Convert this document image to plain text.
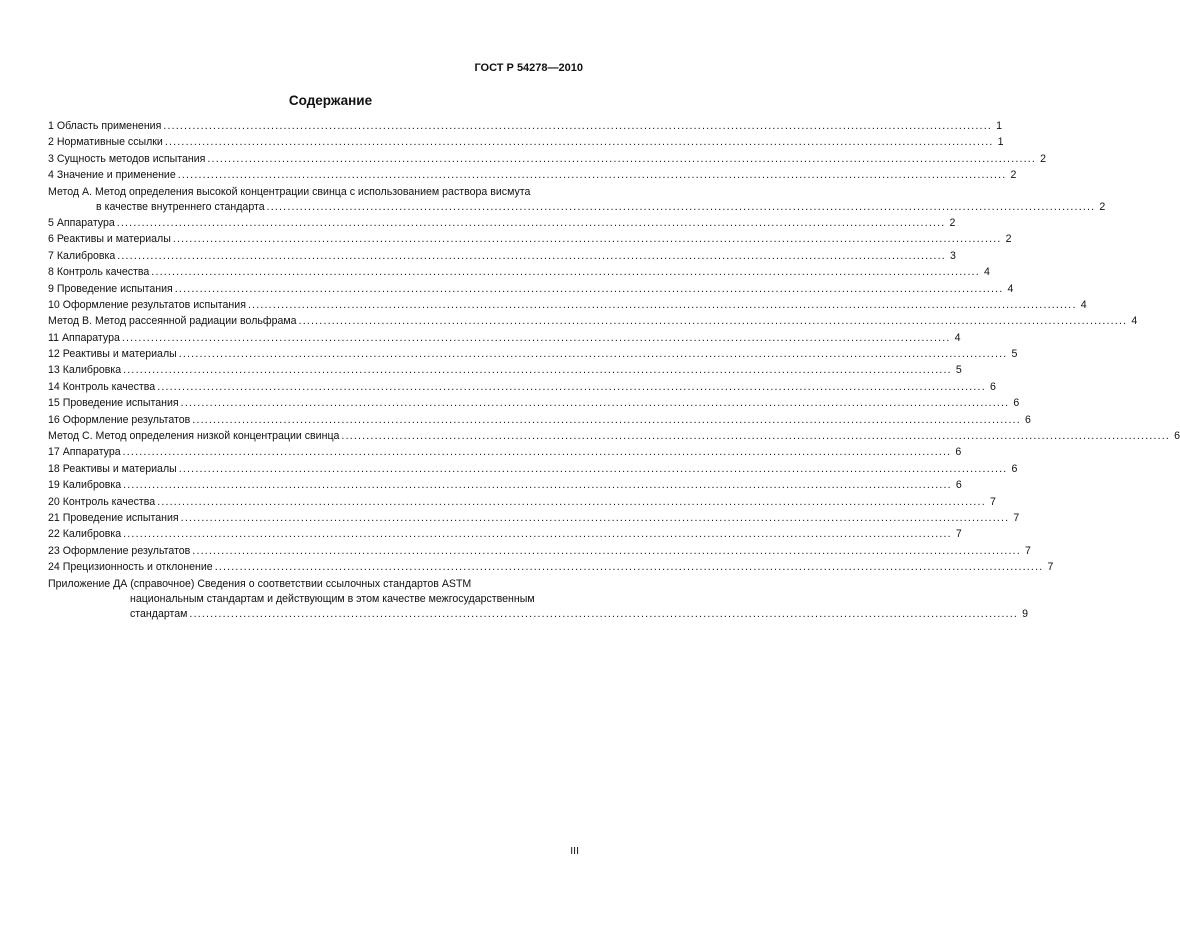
ГОСТ Р 54278—2010
Содержание
1 Область применения ........................................................................................................................................................................................................ 1
2 Нормативные ссылки ........................................................................................................................................................................................................ 1
3 Сущность методов испытания ........................................................................................................................................................................................................ 2
4 Значение и применение ........................................................................................................................................................................................................ 2
Метод А. Метод определения высокой концентрации свинца с использованием раствора висмута
в качестве внутреннего стандарта ........................................................................................................................................................................................................ 2
5 Аппаратура ........................................................................................................................................................................................................ 2
6 Реактивы и материалы ........................................................................................................................................................................................................ 2
7 Калибровка ........................................................................................................................................................................................................ 3
8 Контроль качества ........................................................................................................................................................................................................ 4
9 Проведение испытания ........................................................................................................................................................................................................ 4
10 Оформление результатов испытания ........................................................................................................................................................................................................ 4
Метод В. Метод рассеянной радиации вольфрама ........................................................................................................................................................................................................ 4
11 Аппаратура ........................................................................................................................................................................................................ 4
12 Реактивы и материалы ........................................................................................................................................................................................................ 5
13 Калибровка ........................................................................................................................................................................................................ 5
14 Контроль качества ........................................................................................................................................................................................................ 6
15 Проведение испытания ........................................................................................................................................................................................................ 6
16 Оформление результатов ........................................................................................................................................................................................................ 6
Метод С. Метод определения низкой концентрации свинца ........................................................................................................................................................................................................ 6
17 Аппаратура ........................................................................................................................................................................................................ 6
18 Реактивы и материалы ........................................................................................................................................................................................................ 6
19 Калибровка ........................................................................................................................................................................................................ 6
20 Контроль качества ........................................................................................................................................................................................................ 7
21 Проведение испытания ........................................................................................................................................................................................................ 7
22 Калибровка ........................................................................................................................................................................................................ 7
23 Оформление результатов ........................................................................................................................................................................................................ 7
24 Прецизионность и отклонение ........................................................................................................................................................................................................ 7
Приложение ДА (справочное) Сведения о соответствии ссылочных стандартов ASTM
национальным стандартам и действующим в этом качестве межгосударственным
стандартам ........................................................................................................................................................................................................ 9
III
